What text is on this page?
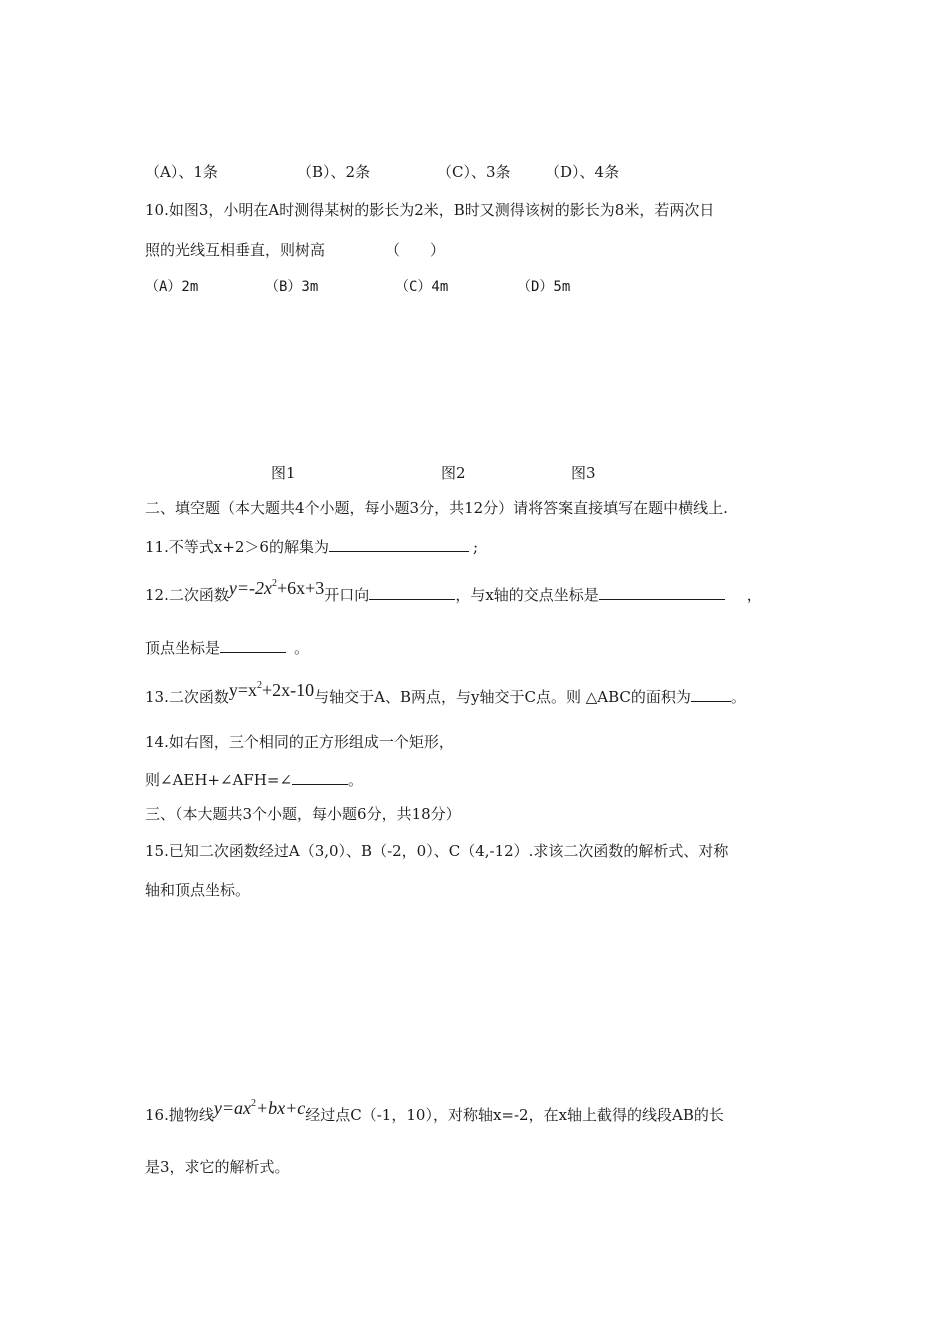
（A）、1条	（B）、2条	（C）、3条 （D）、4条
10.如图3，小明在A时测得某树的影长为2米，B时又测得该树的影长为8米，若两次日
照的光线互相垂直，则树高	（　　）
（A）2m	（B）3m	（C）4m	（D）5m
图1	图2	图3
二、填空题（本大题共4个小题，每小题3分，共12分）请将答案直接填写在题中横线上.
11.不等式x+2＞6的解集为	;
12.二次函数$y=-2x^2+6x+3$开口向	，与x轴的交点坐标是	，
顶点坐标是	。
13.二次函数$y=x^2+2x-10$与轴交于A、B两点，与y轴交于C点。则 △ABC的面积为	。
14.如右图，三个相同的正方形组成一个矩形，
则∠AEH+∠AFH=∠	。
三、（本大题共3个小题，每小题6分，共18分）
15.已知二次函数经过A（3,0）、B（-2，0）、C（4,-12）.求该二次函数的解析式、对称
轴和顶点坐标。
16.抛物线$y=ax^2+bx+c$经过点C（-1，10），对称轴x=-2，在x轴上截得的线段AB的长
是3，求它的解析式。
